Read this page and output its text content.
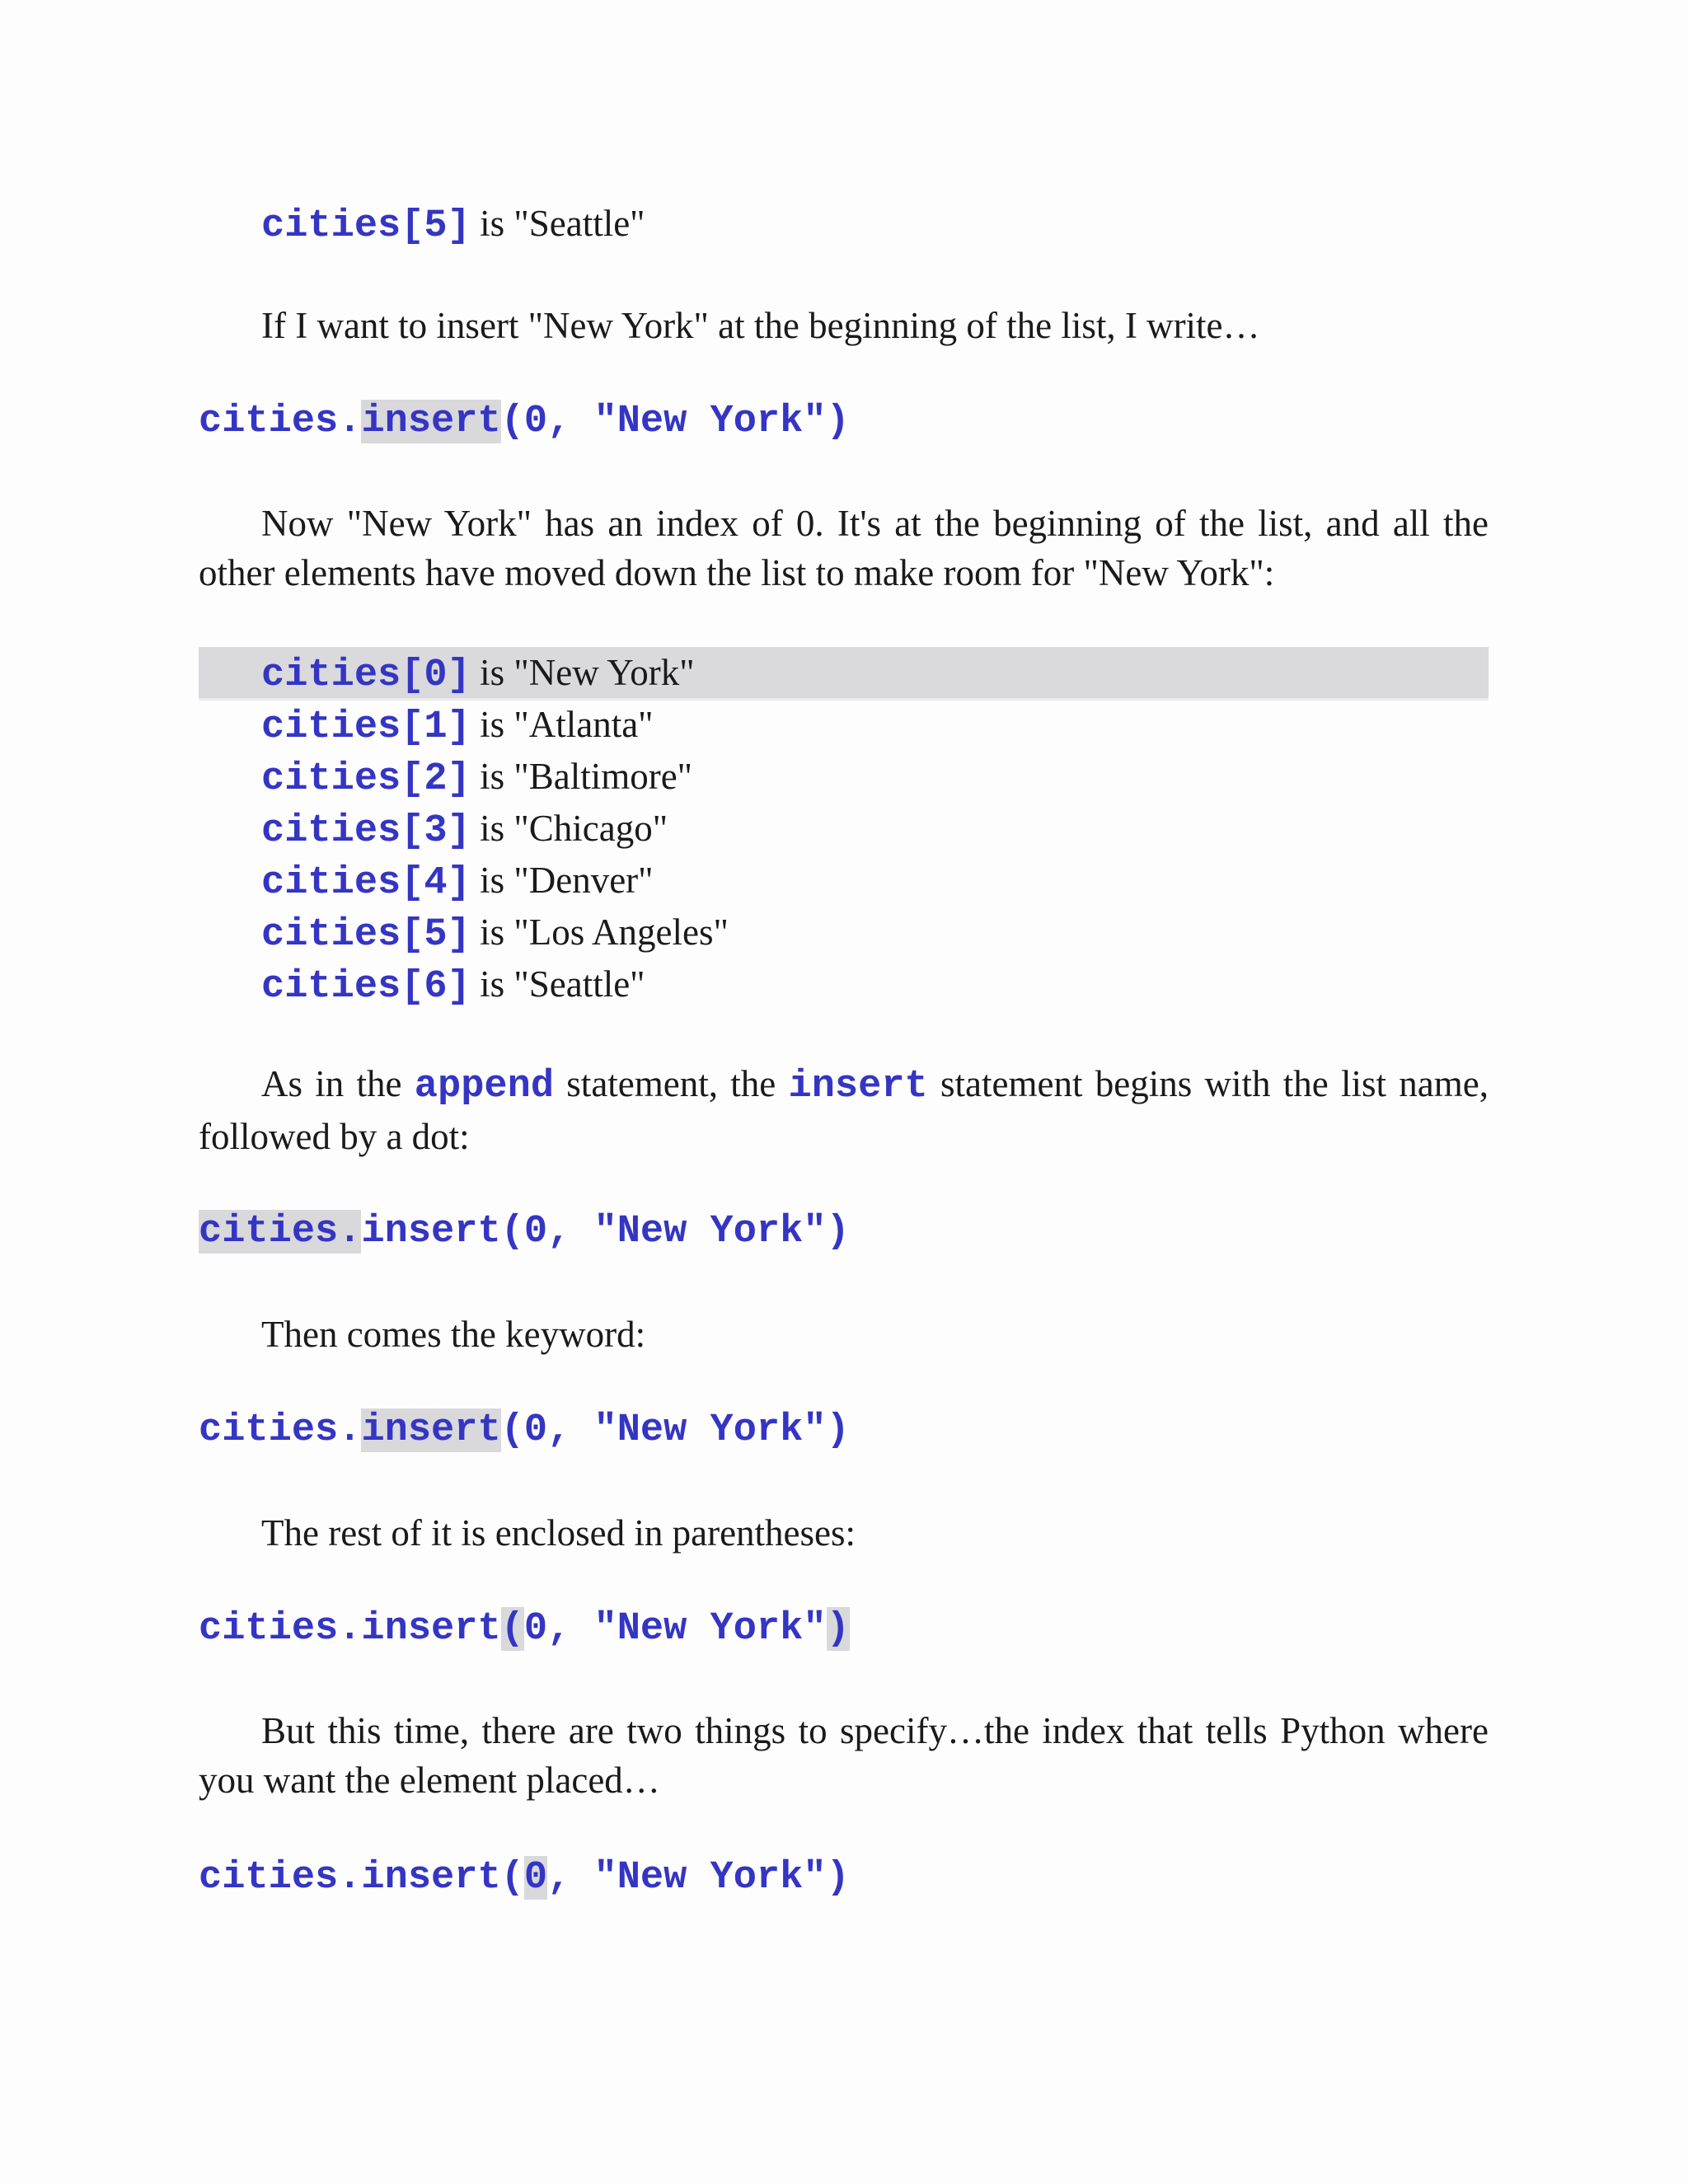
cities[5] is "Seattle"

If I want to insert "New York" at the beginning of the list, I write…

cities.insert(0, "New York")

Now "New York" has an index of 0. It's at the beginning of the list, and all the other elements have moved down the list to make room for "New York":

cities[0] is "New York"
cities[1] is "Atlanta"
cities[2] is "Baltimore"
cities[3] is "Chicago"
cities[4] is "Denver"
cities[5] is "Los Angeles"
cities[6] is "Seattle"

As in the append statement, the insert statement begins with the list name, followed by a dot:

cities.insert(0, "New York")

Then comes the keyword:

cities.insert(0, "New York")

The rest of it is enclosed in parentheses:

cities.insert(0, "New York")

But this time, there are two things to specify…the index that tells Python where you want the element placed…

cities.insert(0, "New York")
